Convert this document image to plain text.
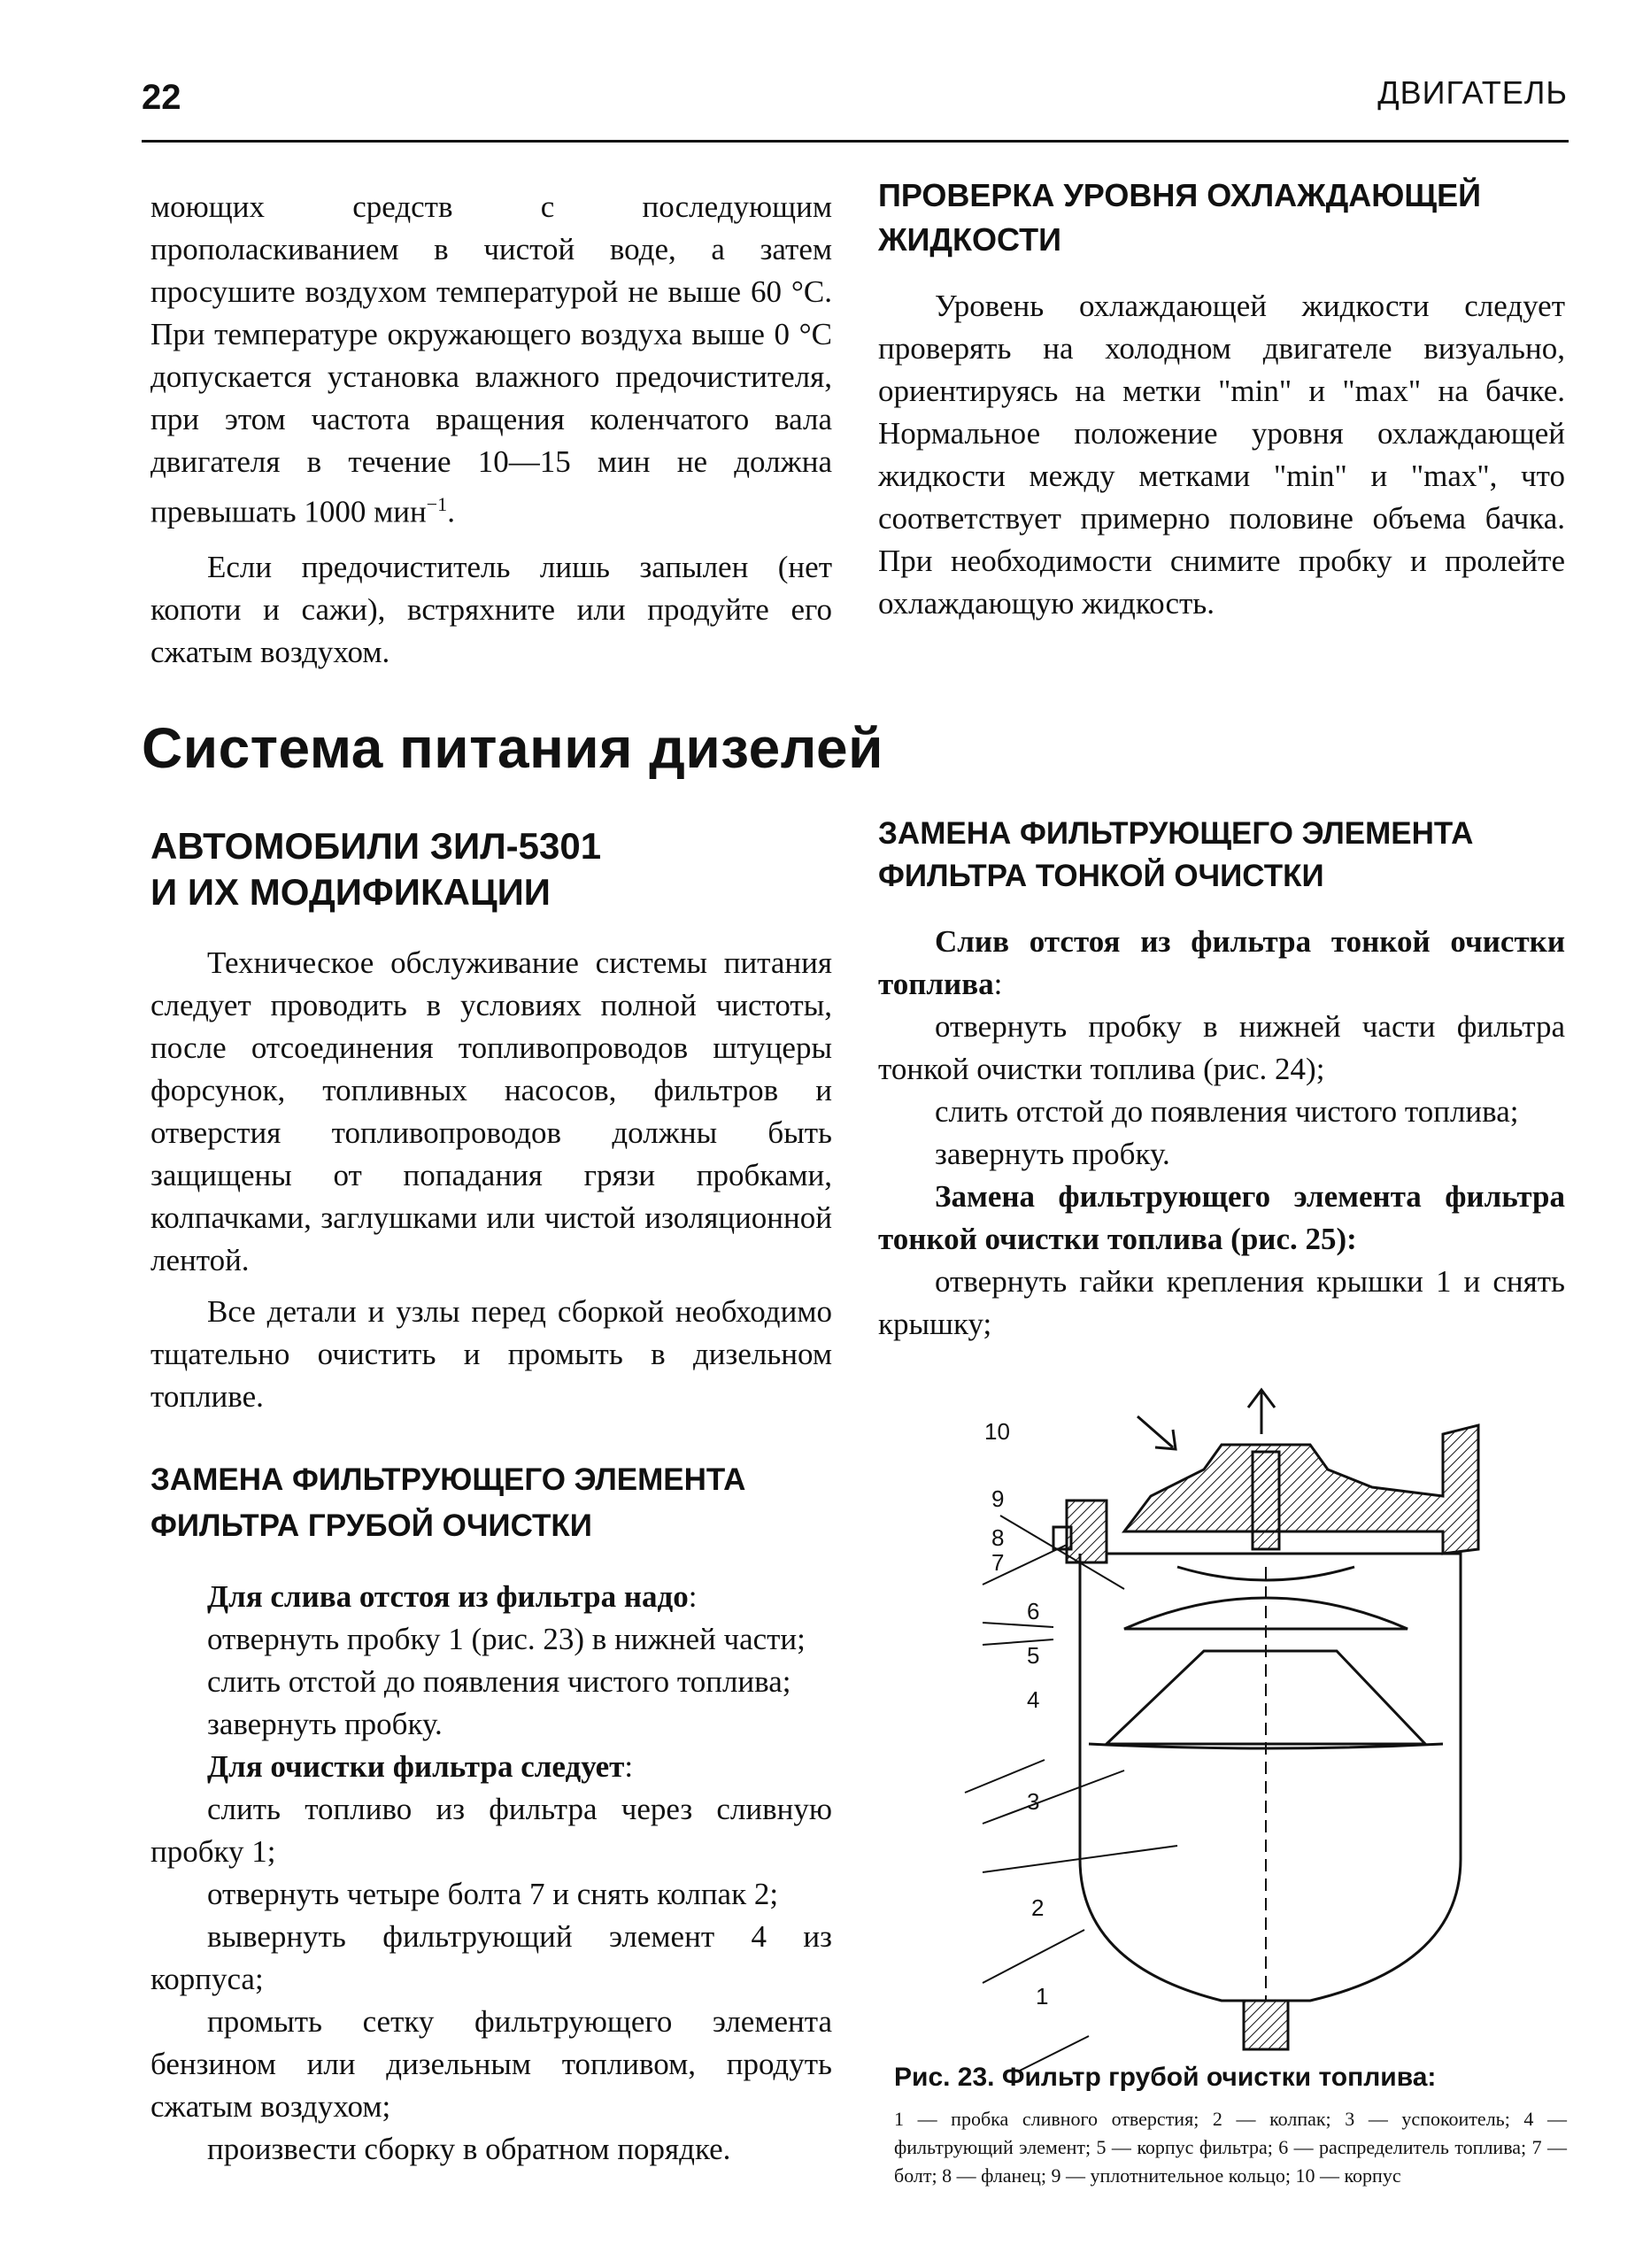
22	ДВИГАТЕЛЬ

моющих средств с последующим прополаскиванием в чистой воде, а затем просушите воздухом температурой не выше 60 °С. При температуре окружающего воздуха выше 0 °С допускается установка влажного предочистителя, при этом частота вращения коленчатого вала двигателя в течение 10—15 мин не должна превышать 1000 мин$^{-1}$.

Если предочиститель лишь запылен (нет копоти и сажи), встряхните или продуйте его сжатым воздухом.

ПРОВЕРКА УРОВНЯ ОХЛАЖДАЮЩЕЙ ЖИДКОСТИ

Уровень охлаждающей жидкости следует проверять на холодном двигателе визуально, ориентируясь на метки "min" и "max" на бачке. Нормальное положение уровня охлаждающей жидкости между метками "min" и "max", что соответствует примерно половине объема бачка. При необходимости снимите пробку и пролейте охлаждающую жидкость.

Система питания дизелей
АВТОМОБИЛИ ЗИЛ-5301
И ИХ МОДИФИКАЦИИ

Техническое обслуживание системы питания следует проводить в условиях полной чистоты, после отсоединения топливопроводов штуцеры форсунок, топливных насосов, фильтров и отверстия топливопроводов должны быть защищены от попадания грязи пробками, колпачками, заглушками или чистой изоляционной лентой.

Все детали и узлы перед сборкой необходимо тщательно очистить и промыть в дизельном топливе.

ЗАМЕНА ФИЛЬТРУЮЩЕГО ЭЛЕМЕНТА ФИЛЬТРА ГРУБОЙ ОЧИСТКИ

Для слива отстоя из фильтра надо:

отвернуть пробку 1 (рис. 23) в нижней части;

слить отстой до появления чистого топлива;

завернуть пробку.

Для очистки фильтра следует:

слить топливо из фильтра через сливную пробку 1;

отвернуть четыре болта 7 и снять колпак 2;

вывернуть фильтрующий элемент 4 из корпуса;

промыть сетку фильтрующего элемента бензином или дизельным топливом, продуть сжатым воздухом;

произвести сборку в обратном порядке.

ЗАМЕНА ФИЛЬТРУЮЩЕГО ЭЛЕМЕНТА ФИЛЬТРА ТОНКОЙ ОЧИСТКИ

Слив отстоя из фильтра тонкой очистки топлива:

отвернуть пробку в нижней части фильтра тонкой очистки топлива (рис. 24);

слить отстой до появления чистого топлива;

завернуть пробку.

Замена фильтрующего элемента фильтра тонкой очистки топлива (рис. 25):

отвернуть гайки крепления крышки 1 и снять крышку;

10
9
8
7
6
5
4
3
2
1
Рис. 23. Фильтр грубой очистки топлива:
1 — пробка сливного отверстия; 2 — колпак; 3 — успокоитель; 4 — фильтрующий элемент; 5 — корпус фильтра; 6 — распределитель топлива; 7 — болт; 8 — фланец; 9 — уплотнительное кольцо; 10 — корпус
